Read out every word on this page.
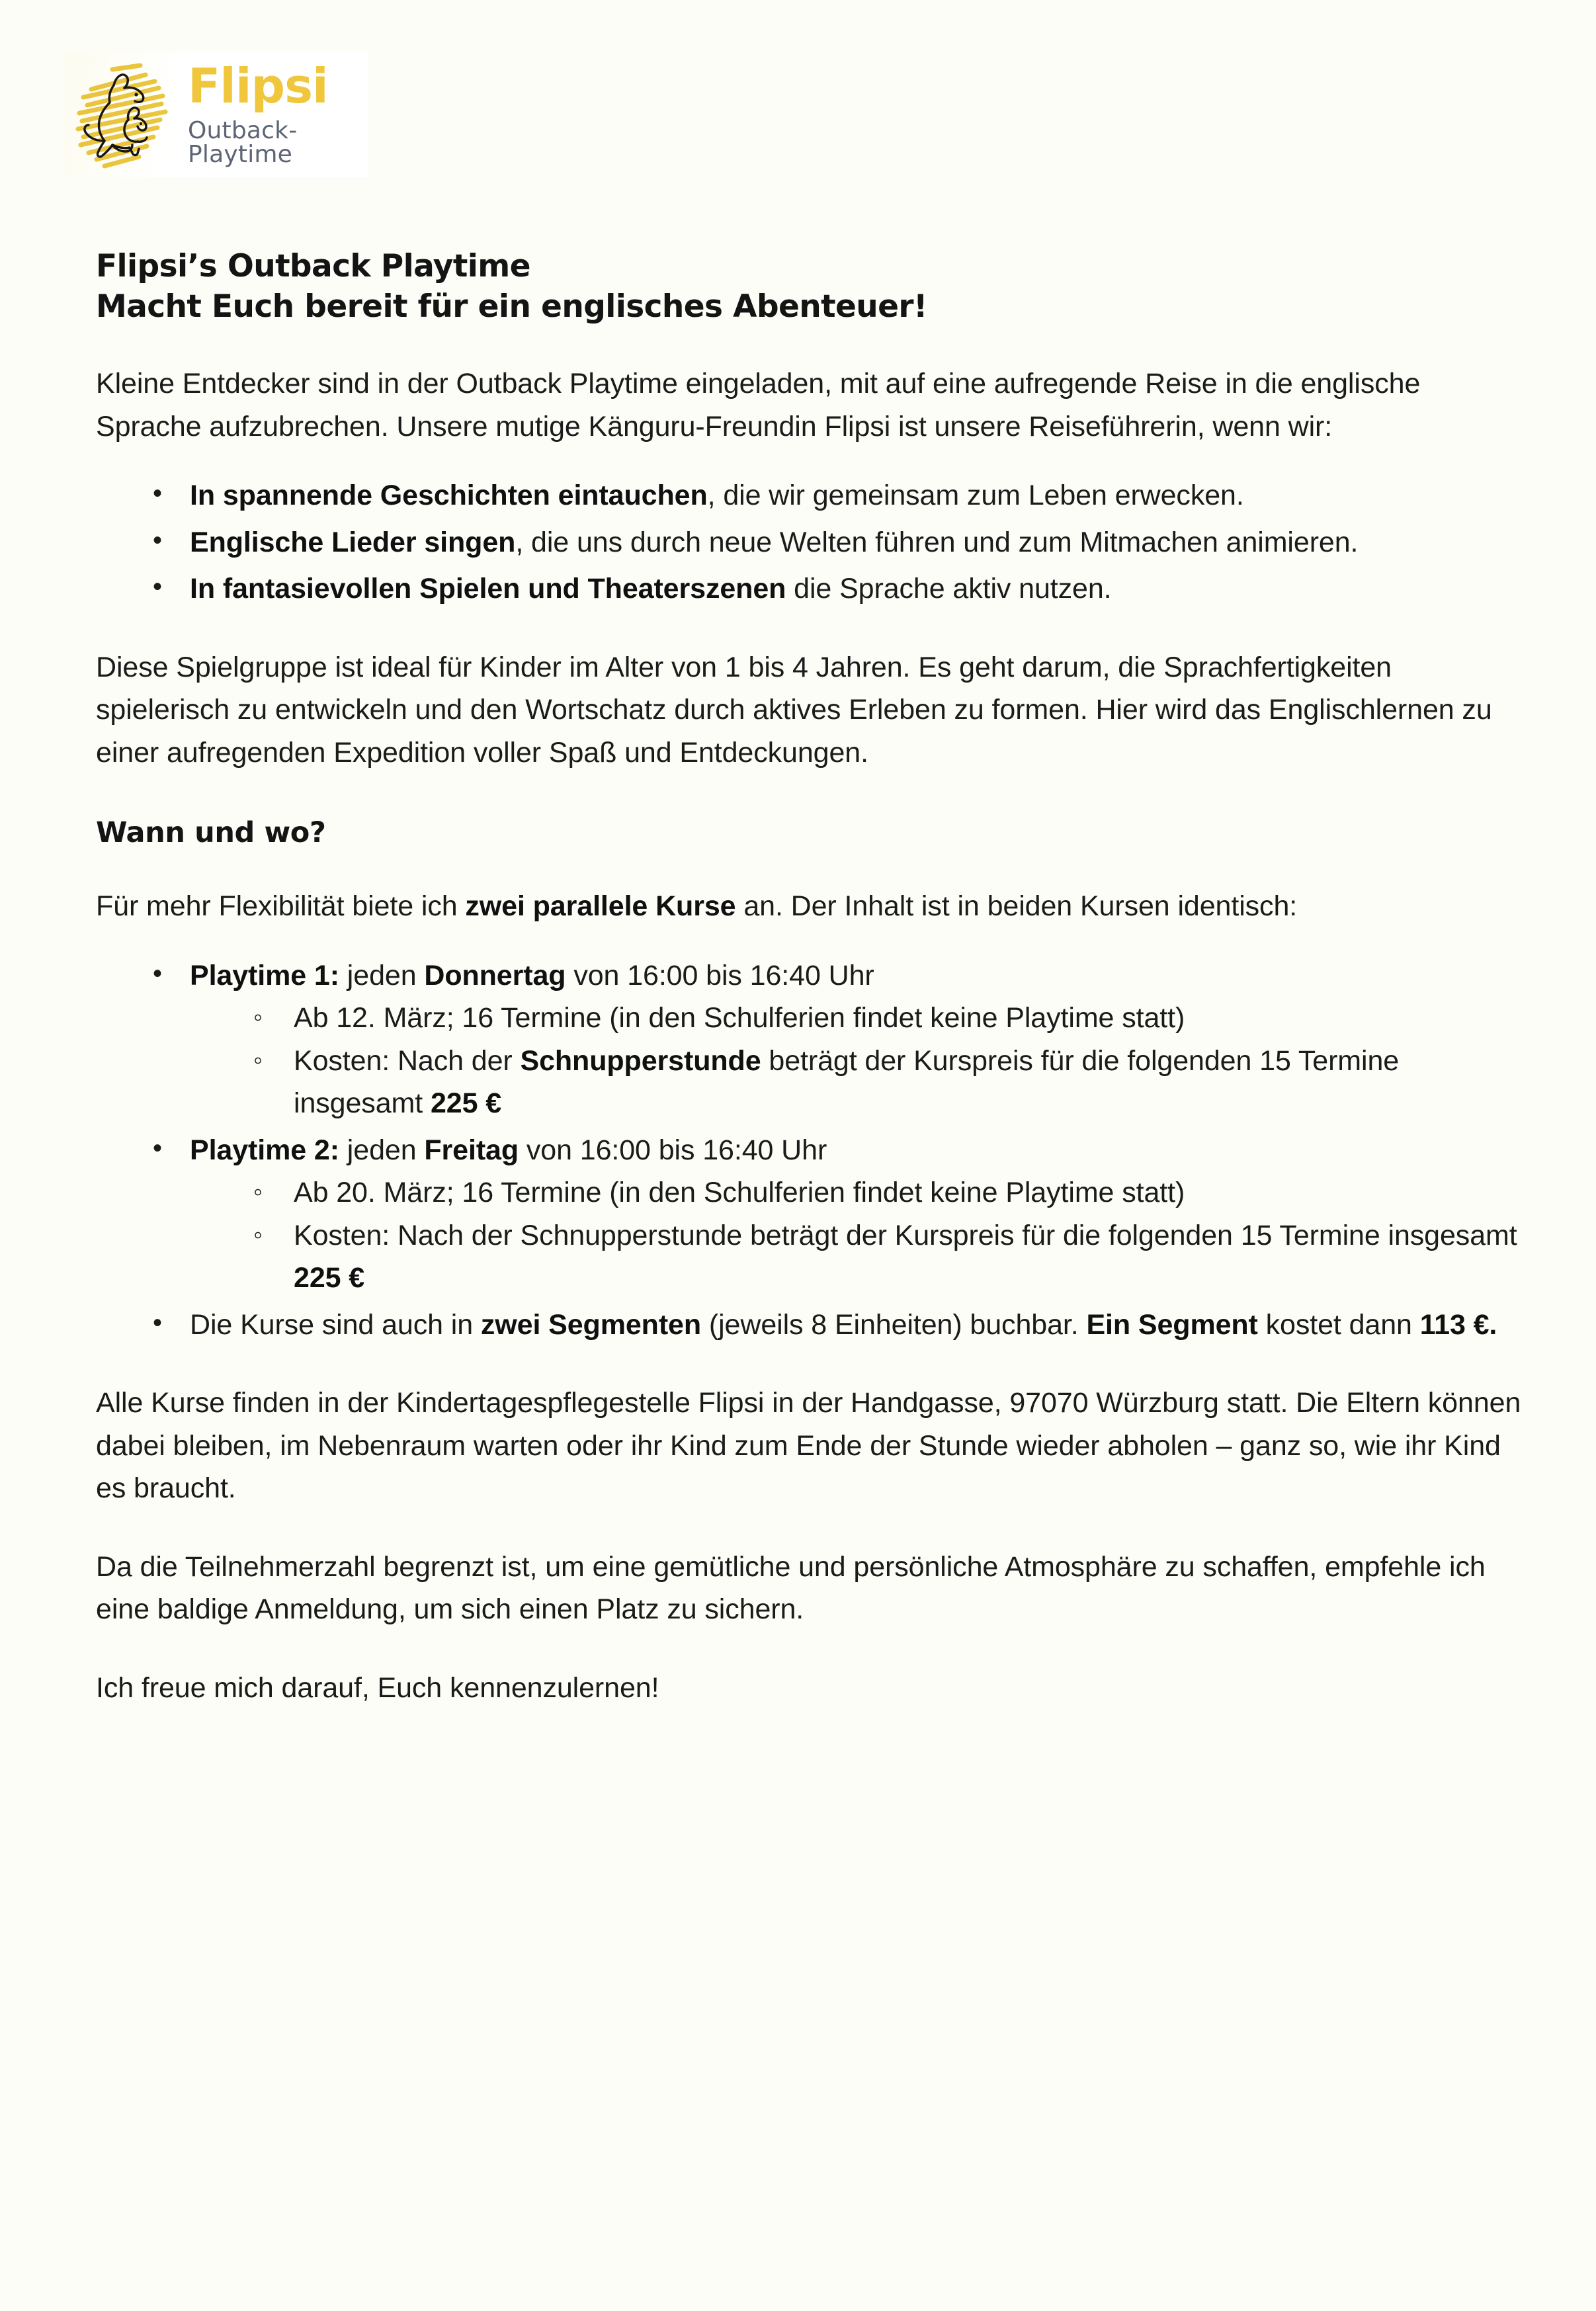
Flipsi
Outback-Playtime
Flipsi’s Outback Playtime
Macht Euch bereit für ein englisches Abenteuer!

Kleine Entdecker sind in der Outback Playtime eingeladen, mit auf eine aufregende Reise in die englische Sprache aufzubrechen. Unsere mutige Känguru-Freundin Flipsi ist unsere Reiseführerin, wenn wir:

• In spannende Geschichten eintauchen, die wir gemeinsam zum Leben erwecken.
• Englische Lieder singen, die uns durch neue Welten führen und zum Mitmachen animieren.
• In fantasievollen Spielen und Theaterszenen die Sprache aktiv nutzen.

Diese Spielgruppe ist ideal für Kinder im Alter von 1 bis 4 Jahren. Es geht darum, die Sprachfertigkeiten spielerisch zu entwickeln und den Wortschatz durch aktives Erleben zu formen. Hier wird das Englischlernen zu einer aufregenden Expedition voller Spaß und Entdeckungen.

Wann und wo?

Für mehr Flexibilität biete ich zwei parallele Kurse an. Der Inhalt ist in beiden Kursen identisch:

• Playtime 1: jeden Donnertag von 16:00 bis 16:40 Uhr
◦ Ab 12. März; 16 Termine (in den Schulferien findet keine Playtime statt)
◦ Kosten: Nach der Schnupperstunde beträgt der Kurspreis für die folgenden 15 Termine insgesamt 225 €
• Playtime 2: jeden Freitag von 16:00 bis 16:40 Uhr
◦ Ab 20. März; 16 Termine (in den Schulferien findet keine Playtime statt)
◦ Kosten: Nach der Schnupperstunde beträgt der Kurspreis für die folgenden 15 Termine insgesamt 225 €
• Die Kurse sind auch in zwei Segmenten (jeweils 8 Einheiten) buchbar. Ein Segment kostet dann 113 €.

Alle Kurse finden in der Kindertagespflegestelle Flipsi in der Handgasse, 97070 Würzburg statt. Die Eltern können dabei bleiben, im Nebenraum warten oder ihr Kind zum Ende der Stunde wieder abholen – ganz so, wie ihr Kind es braucht.

Da die Teilnehmerzahl begrenzt ist, um eine gemütliche und persönliche Atmosphäre zu schaffen, empfehle ich eine baldige Anmeldung, um sich einen Platz zu sichern.

Ich freue mich darauf, Euch kennenzulernen!
